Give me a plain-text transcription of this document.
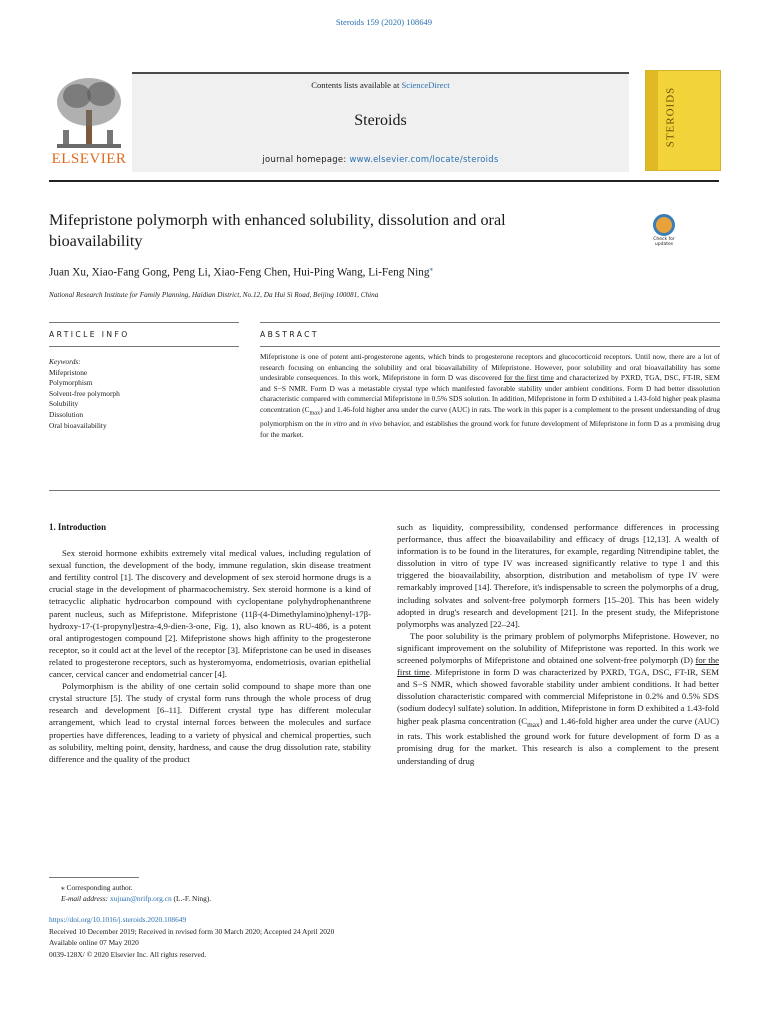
Steroids 159 (2020) 108649
ELSEVIER
Contents lists available at ScienceDirect
Steroids
journal homepage: www.elsevier.com/locate/steroids
STEROIDS
Mifepristone polymorph with enhanced solubility, dissolution and oral
bioavailability	Check for
updates
Juan Xu, Xiao-Fang Gong, Peng Li, Xiao-Feng Chen, Hui-Ping Wang, Li-Feng Ning⁎
National Research Institute for Family Planning, Haidian District, No.12, Da Hui Si Road, Beijing 100081, China
ARTICLE INFO	ABSTRACT
Keywords:
Mifepristone
Polymorphism
Solvent-free polymorph
Solubility
Dissolution
Oral bioavailability
Mifepristone is one of potent anti-progesterone agents, which binds to progesterone receptors and glucocorticoid receptors. Until now, there are a lot of research focusing on enhancing the solubility and oral bioavailability of Mifepristone. However, poor solubility and oral bioavailability has some undesirable consequences. In this work, Mifepristone in form D was discovered for the first time and characterized by PXRD, TGA, DSC, FT-IR, SEM and S−S NMR. Form D was a metastable crystal type which manifested favorable stability under ambient conditions. Form D had better dissolution characteristic compared with commercial Mifepristone in 0.5% SDS solution. In addition, Mifepristone in form D exhibited a 1.43-fold higher peak plasma concentration $(C_{max})$ and 1.46-fold higher area under the curve (AUC) in rats. The work in this paper is a complement to the present understanding of drug polymorphism on the in vitro and in vivo behavior, and establishes the ground work for future development of Mifepristone in form D as a promising drug for the market.
1. Introduction

Sex steroid hormone exhibits extremely vital medical values, including regulation of sexual function, the development of the body, immune regulation, skin disease treatment and fertility control [1]. The discovery and development of sex steroid hormone drugs is a crucial stage in the development of pharmacochemistry. Sex steroid hormone is a kind of tetracyclic aliphatic hydrocarbon compound with cyclopentane polyhydrophenanthrene parent nucleus, such as Mifepristone. Mifepristone (11β-(4-Dimethylamino)phenyl-17β-hydroxy-17-(1-propynyl)estra-4,9-dien-3-one, Fig. 1), also known as RU-486, is a potent oral antiprogestogen compound [2]. Mifepristone shows high affinity to the progesterone receptor, so it could act at the level of the receptor [3]. Mifepristone can be used in diseases related to progesterone receptors, such as hysteromyoma, endometriosis, ovarian epithelial cancer, cervical cancer and endometrial cancer [4].

Polymorphism is the ability of one certain solid compound to shape more than one crystal structure [5]. The study of crystal form runs through the whole process of drug research and development [6–11]. Different crystal type has different molecular arrangement, which lead to crystal internal forces between the molecules and surface properties have differences, leading to a variety of physical and chemical properties, such as solubility, melting point, density, hardness, and cause the drug dissolution rate, stability difference and the quality of the product

such as liquidity, compressibility, condensed performance differences in processing performance, thus affect the bioavailability and efficacy of drugs [12,13]. A wealth of information is to be found in the literatures, for example, regarding Nitrendipine tablet, the dissolution in vitro of type IV was increased significantly relative to type I and this triggered the bioavailability, absorption, distribution and metabolism of type IV were remarkably improved [14]. Therefore, it's indispensable to screen the polymorphs of a drug, including solvates and solvent-free polymorph formers [15–20]. This has been widely adopted in drug's research and development [21]. In the present study, the Mifepristone polymorphs was analyzed [22–24].

The poor solubility is the primary problem of polymorphs Mifepristone. However, no significant improvement on the solubility of Mifepristone was reported. In this work we screened polymorphs of Mifepristone and obtained one solvent-free polymorph (D) for the first time. Mifepristone in form D was characterized by PXRD, TGA, DSC, FT-IR, SEM and S−S NMR, which showed favorable stability under ambient conditions. It had better dissolution characteristic compared with commercial Mifepristone in 0.2% and 0.5% SDS (sodium dodecyl sulfate) solution. In addition, Mifepristone in form D exhibited a 1.43-fold higher peak plasma concentration $(C_{max})$ and 1.46-fold higher area under the curve (AUC) in rats. This work established the ground work for future development of form D as a promising drug for the market. This research is also a complement to the present understanding of drug

⁎ Corresponding author.
E-mail address: xujuan@nrifp.org.cn (L.-F. Ning).
https://doi.org/10.1016/j.steroids.2020.108649
Received 10 December 2019; Received in revised form 30 March 2020; Accepted 24 April 2020
Available online 07 May 2020
0039-128X/ © 2020 Elsevier Inc. All rights reserved.
